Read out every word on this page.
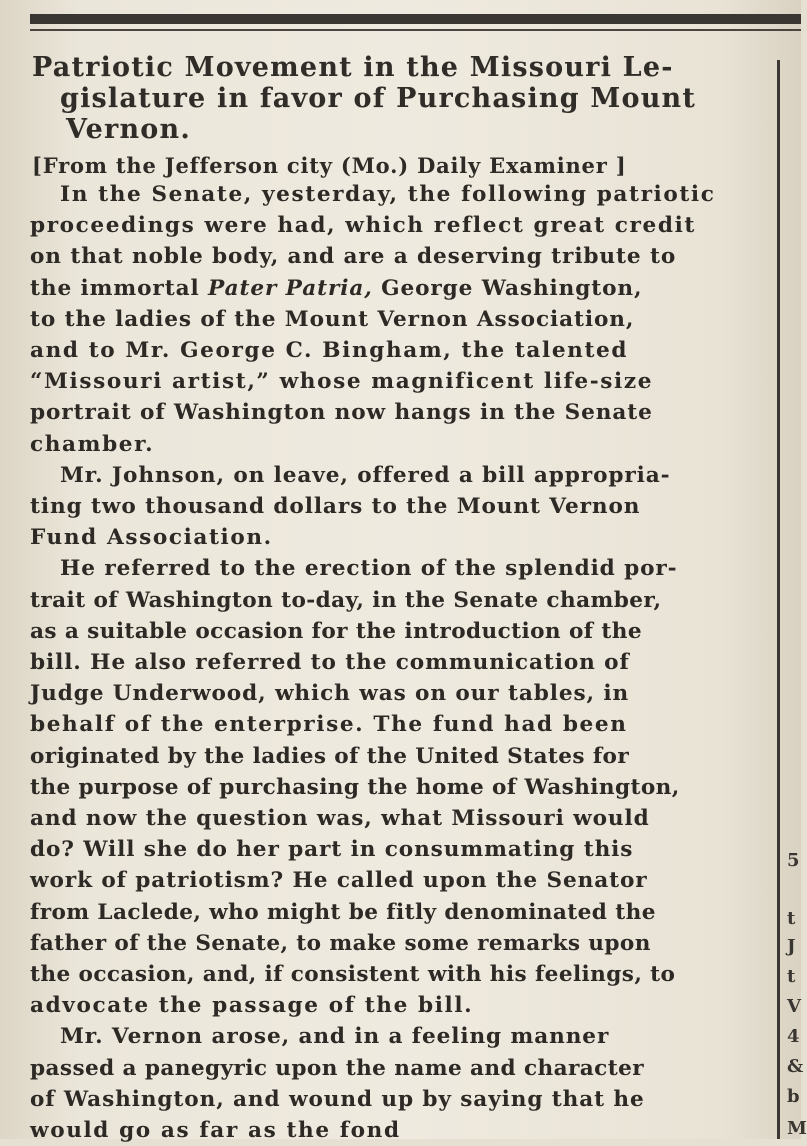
Patriotic Movement in the Missouri Le-
gislature in favor of Purchasing Mount
Vernon.
[From the Jefferson city (Mo.) Daily Examiner ]

In the Senate, yesterday, the following patriotic
proceedings were had, which reflect great credit
on that noble body, and are a deserving tribute to
the immortal Pater Patria, George Washington,
to the ladies of the Mount Vernon Association,
and to Mr. George C. Bingham, the talented
“Missouri artist,” whose magnificent life-size
portrait of Washington now hangs in the Senate
chamber.

Mr. Johnson, on leave, offered a bill appropria-
ting two thousand dollars to the Mount Vernon
Fund Association.

He referred to the erection of the splendid por-
trait of Washington to-day, in the Senate chamber,
as a suitable occasion for the introduction of the
bill. He also referred to the communication of
Judge Underwood, which was on our tables, in
behalf of the enterprise. The fund had been
originated by the ladies of the United States for
the purpose of purchasing the home of Washington,
and now the question was, what Missouri would
do? Will she do her part in consummating this
work of patriotism? He called upon the Senator
from Laclede, who might be fitly denominated the
father of the Senate, to make some remarks upon
the occasion, and, if consistent with his feelings, to
advocate the passage of the bill.

Mr. Vernon arose, and in a feeling manner
passed a panegyric upon the name and character
of Washington, and wound up by saying that he
would go as far as the fond

5
t
J
t
V
4
&
b
M
